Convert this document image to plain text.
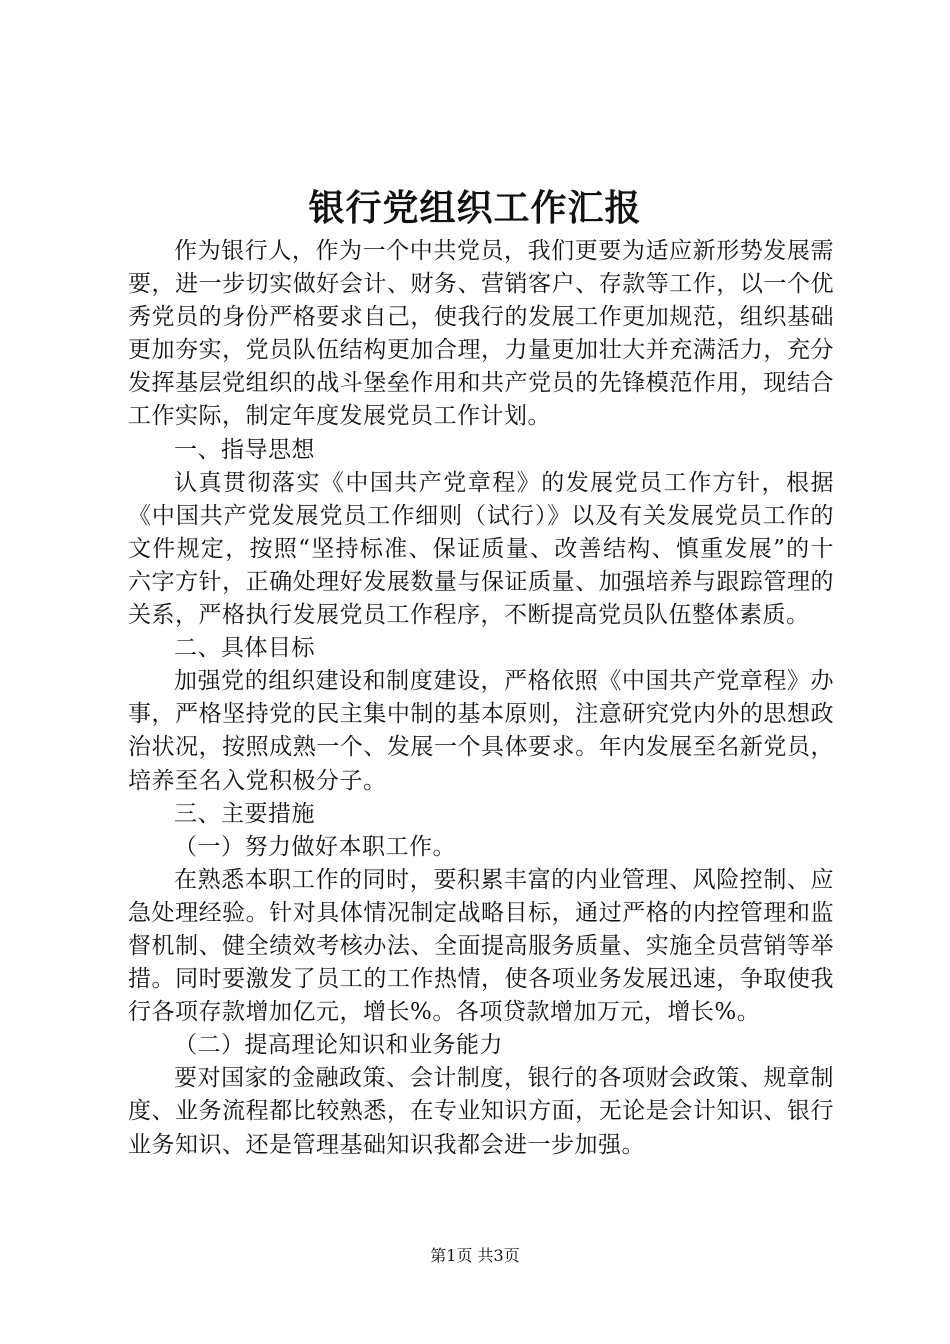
银行党组织工作汇报

作为银行人，作为一个中共党员，我们更要为适应新形势发展需要，进一步切实做好会计、财务、营销客户、存款等工作，以一个优秀党员的身份严格要求自己，使我行的发展工作更加规范，组织基础更加夯实，党员队伍结构更加合理，力量更加壮大并充满活力，充分发挥基层党组织的战斗堡垒作用和共产党员的先锋模范作用，现结合工作实际，制定年度发展党员工作计划。

一、指导思想

认真贯彻落实《中国共产党章程》的发展党员工作方针，根据《中国共产党发展党员工作细则（试行）》以及有关发展党员工作的文件规定，按照“坚持标准、保证质量、改善结构、慎重发展”的十六字方针，正确处理好发展数量与保证质量、加强培养与跟踪管理的关系，严格执行发展党员工作程序，不断提高党员队伍整体素质。

二、具体目标

加强党的组织建设和制度建设，严格依照《中国共产党章程》办事，严格坚持党的民主集中制的基本原则，注意研究党内外的思想政治状况，按照成熟一个、发展一个具体要求。年内发展至名新党员，培养至名入党积极分子。

三、主要措施

（一）努力做好本职工作。

在熟悉本职工作的同时，要积累丰富的内业管理、风险控制、应急处理经验。针对具体情况制定战略目标，通过严格的内控管理和监督机制、健全绩效考核办法、全面提高服务质量、实施全员营销等举措。同时要激发了员工的工作热情，使各项业务发展迅速，争取使我行各项存款增加亿元，增长%。各项贷款增加万元，增长%。

（二）提高理论知识和业务能力

要对国家的金融政策、会计制度，银行的各项财会政策、规章制度、业务流程都比较熟悉，在专业知识方面，无论是会计知识、银行业务知识、还是管理基础知识我都会进一步加强。

第1页 共3页
